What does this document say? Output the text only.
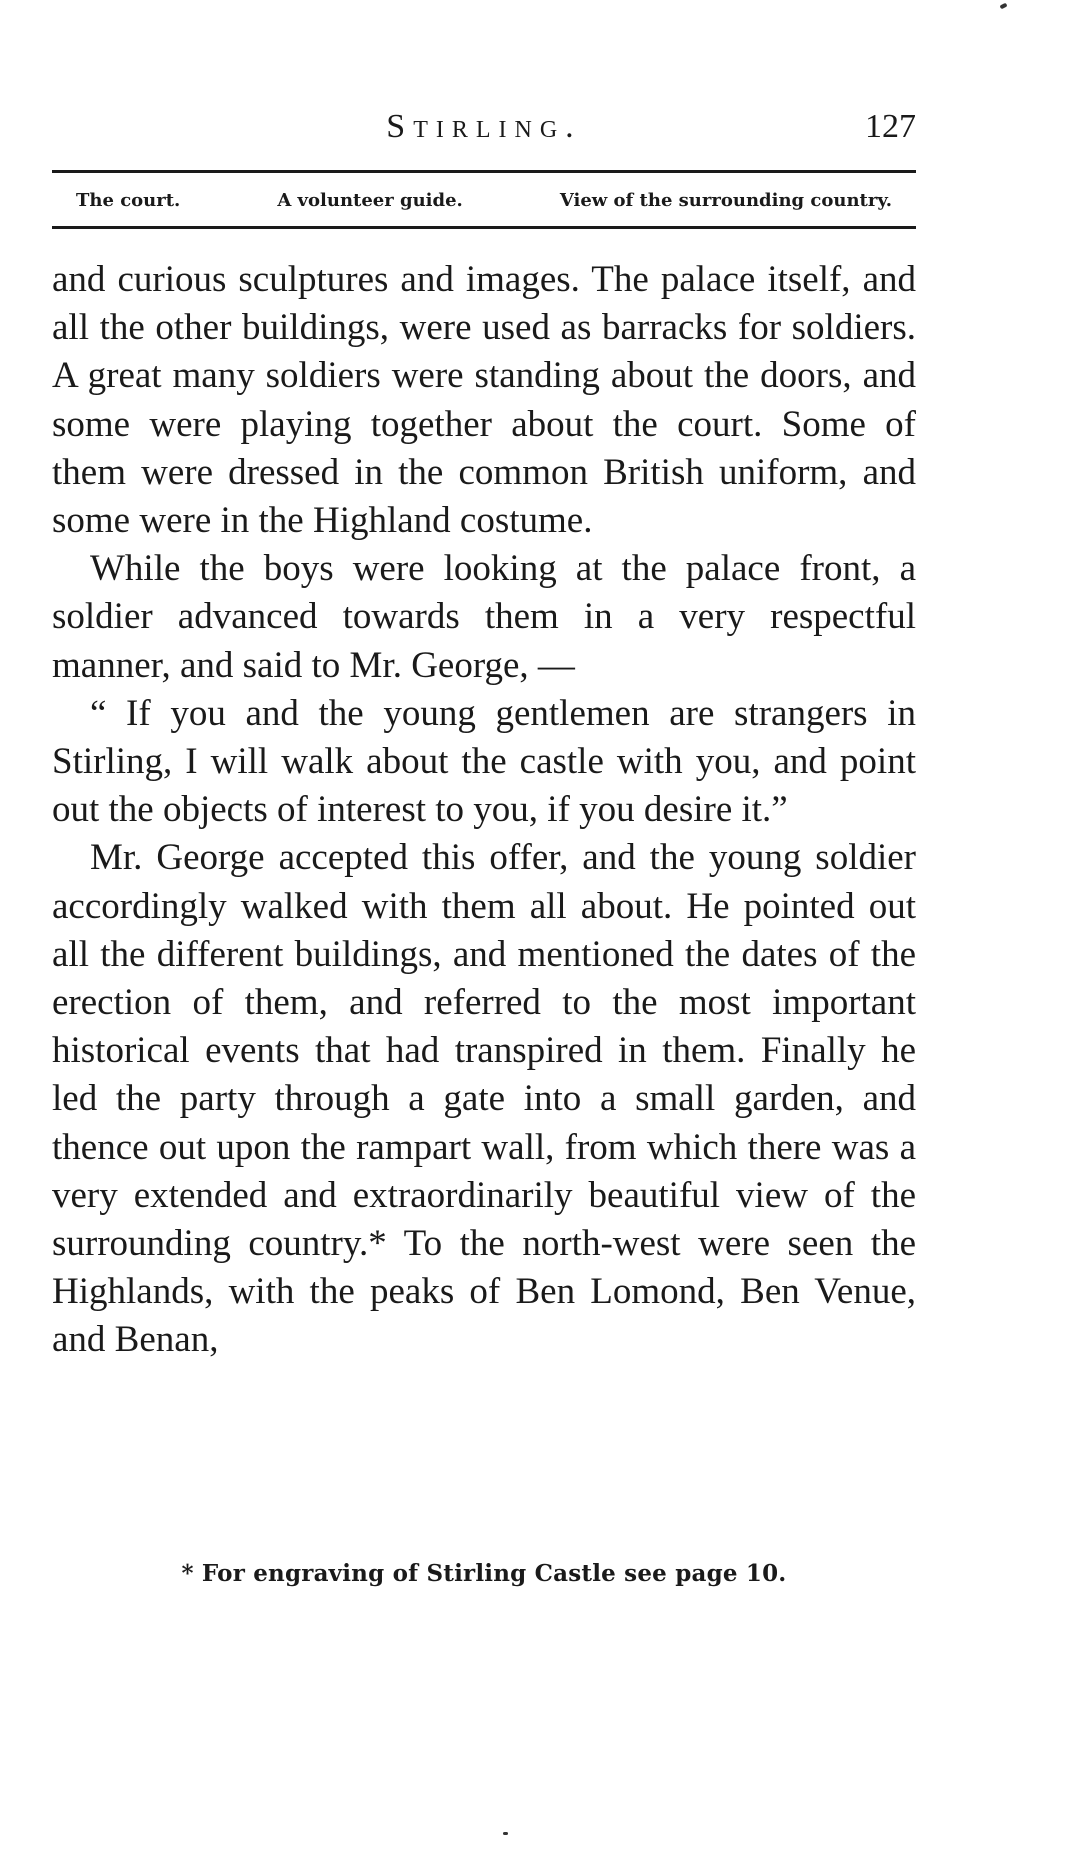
Stirling.	127
The court.	A volunteer guide.	View of the surrounding country.

and curious sculptures and images. The palace itself, and all the other buildings, were used as barracks for soldiers. A great many soldiers were standing about the doors, and some were playing together about the court. Some of them were dressed in the common British uniform, and some were in the Highland costume.

While the boys were looking at the palace front, a soldier advanced towards them in a very respectful manner, and said to Mr. George, —

“ If you and the young gentlemen are strangers in Stirling, I will walk about the castle with you, and point out the objects of interest to you, if you desire it.”

Mr. George accepted this offer, and the young soldier accordingly walked with them all about. He pointed out all the different buildings, and mentioned the dates of the erection of them, and referred to the most important historical events that had transpired in them. Finally he led the party through a gate into a small garden, and thence out upon the rampart wall, from which there was a very extended and extraordinarily beautiful view of the surrounding country.* To the north-west were seen the Highlands, with the peaks of Ben Lomond, Ben Venue, and Benan,

* For engraving of Stirling Castle see page 10.
